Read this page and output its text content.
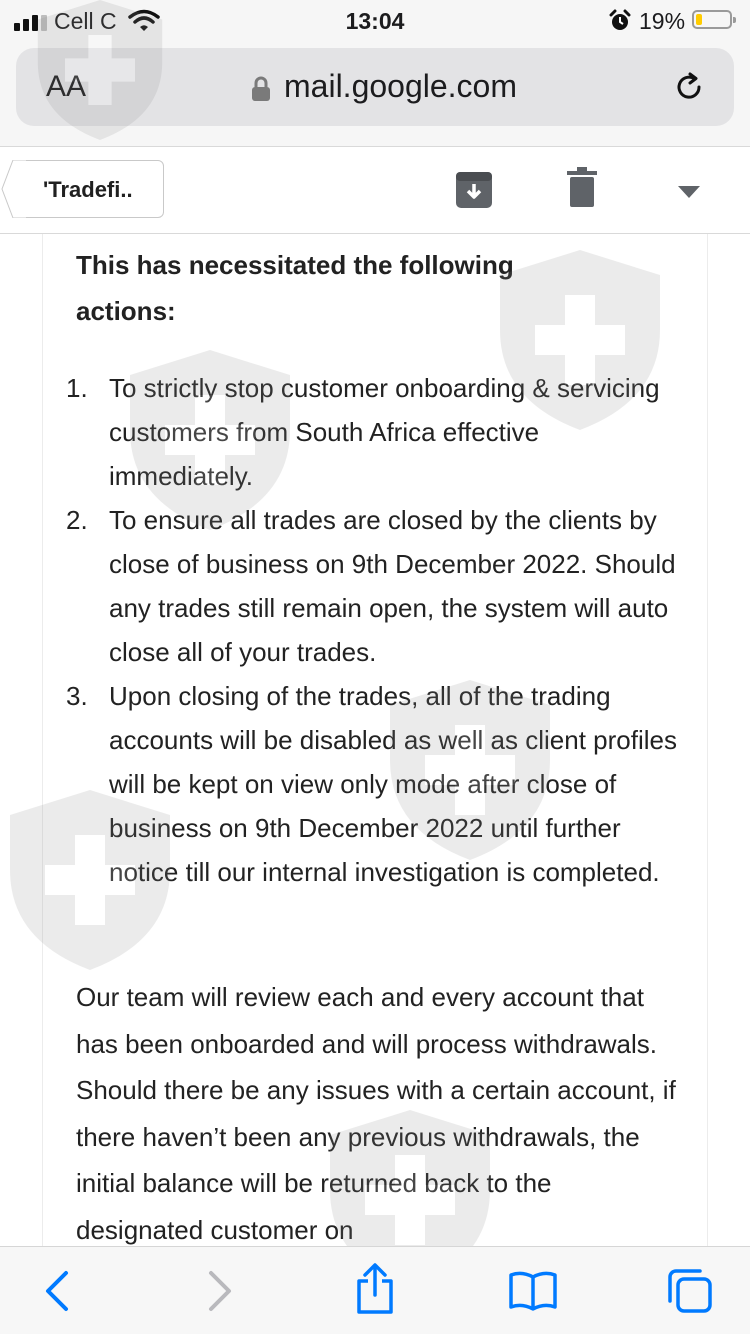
Cell C	13:04	19%
AA	mail.google.com
'Tradefi..
This has necessitated the following actions:
1. To strictly stop customer onboarding & servicing customers from South Africa effective immediately.
2. To ensure all trades are closed by the clients by close of business on 9th December 2022. Should any trades still remain open, the system will auto close all of your trades.
3. Upon closing of the trades, all of the trading accounts will be disabled as well as client profiles will be kept on view only mode after close of business on 9th December 2022 until further notice till our internal investigation is completed.
Our team will review each and every account that has been onboarded and will process withdrawals. Should there be any issues with a certain account, if there haven’t been any previous withdrawals, the initial balance will be returned back to the designated customer on
